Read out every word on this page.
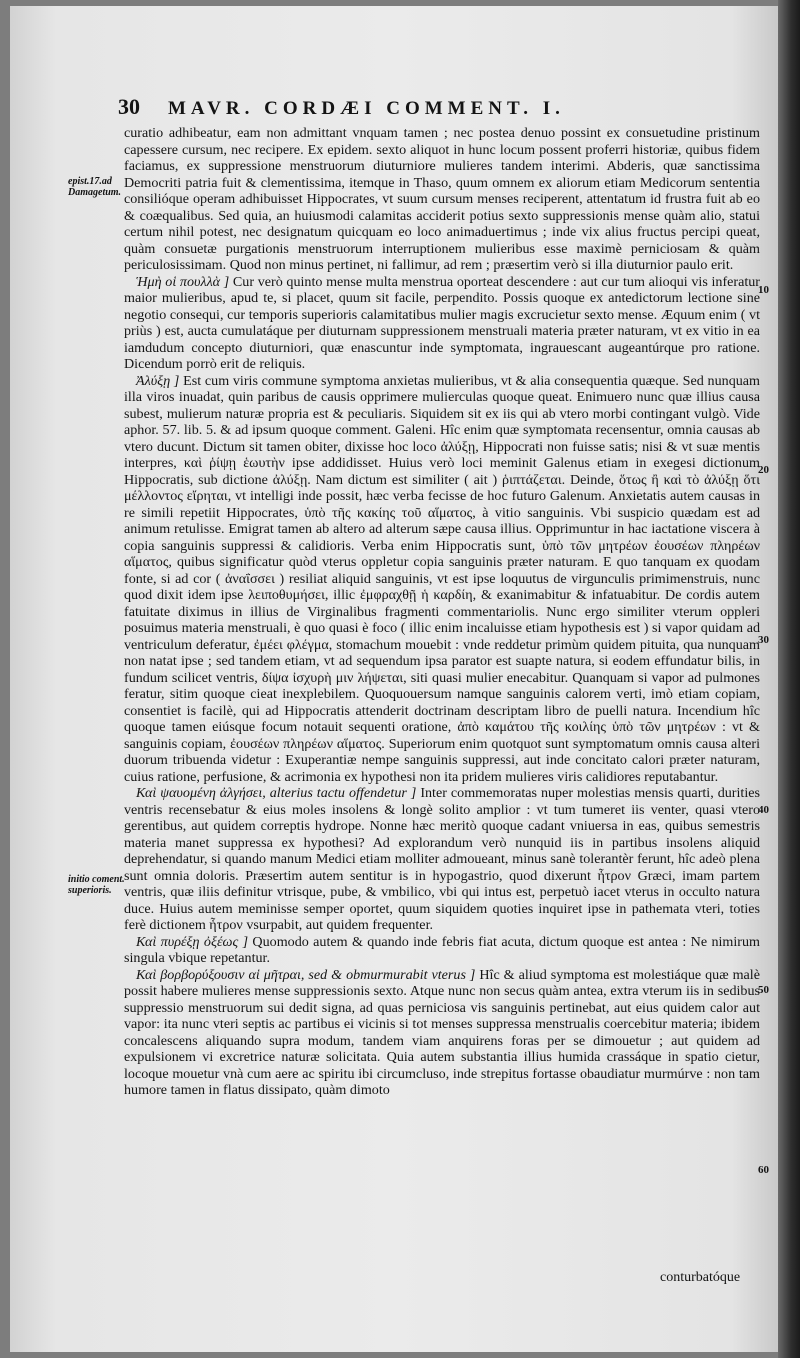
30 MAVR. CORDÆI COMMENT. I.
epist.17.ad Damagetum.
initio coment. superioris.
10
20
30
40
50
60

curatio adhibeatur, eam non admittant vnquam tamen ; nec postea denuo possint ex consuetudine pristinum capessere cursum, nec recipere. Ex epidem. sexto aliquot in hunc locum possent proferri historiæ, quibus fidem faciamus, ex suppressione menstruorum diuturniore mulieres tandem interimi. Abderis, quæ sanctissima Democriti patria fuit & clementissima, itemque in Thaso, quum omnem ex aliorum etiam Medicorum sententia consilióque operam adhibuisset Hippocrates, vt suum cursum menses reciperent, attentatum id frustra fuit ab eo & coæqualibus. Sed quia, an huiusmodi calamitas acciderit potius sexto suppressionis mense quàm alio, statui certum nihil potest, nec designatum quicquam eo loco animaduertimus ; inde vix alius fructus percipi queat, quàm consuetæ purgationis menstruorum interruptionem mulieribus esse maximè perniciosam & quàm periculosissimam. Quod non minus pertinet, ni fallimur, ad rem ; præsertim verò si illa diuturnior paulo erit.

Ἡμὴ οἱ πουλλὰ ] Cur verò quinto mense multa menstrua oporteat descendere : aut cur tum alioqui vis inferatur maior mulieribus, apud te, si placet, quum sit facile, perpendito. Possis quoque ex antedictorum lectione sine negotio consequi, cur temporis superioris calamitatibus mulier magis excrucietur sexto mense. Æquum enim ( vt priùs ) est, aucta cumulatáque per diuturnam suppressionem menstruali materia præter naturam, vt ex vitio in ea iamdudum concepto diuturniori, quæ enascuntur inde symptomata, ingrauescant augeantúrque pro ratione. Dicendum porrò erit de reliquis.

Ἀλύξῃ ] Est cum viris commune symptoma anxietas mulieribus, vt & alia consequentia quæque. Sed nunquam illa viros inuadat, quin paribus de causis opprimere mulierculas quoque queat. Enimuero nunc quæ illius causa subest, mulierum naturæ propria est & peculiaris. Siquidem sit ex iis qui ab vtero morbi contingant vulgò. Vide aphor. 57. lib. 5. & ad ipsum quoque comment. Galeni. Hîc enim quæ symptomata recensentur, omnia causas ab vtero ducunt. Dictum sit tamen obiter, dixisse hoc loco ἀλύξῃ, Hippocrati non fuisse satis; nisi & vt suæ mentis interpres, καὶ ῥίψῃ ἑωυτὴν ipse addidisset. Huius verò loci meminit Galenus etiam in exegesi dictionum Hippocratis, sub dictione ἀλύξῃ. Nam dictum est similiter ( ait ) ῥιπτάζεται. Deinde, ὅτως ἢ καὶ τὸ ἀλύξῃ ὅτι μέλλοντος εἴρηται, vt intelligi inde possit, hæc verba fecisse de hoc futuro Galenum. Anxietatis autem causas in re simili repetiit Hippocrates, ὑπὸ τῆς κακίης τοῦ αἵματος, à vitio sanguinis. Vbi suspicio quædam est ad animum retulisse. Emigrat tamen ab altero ad alterum sæpe causa illius. Opprimuntur in hac iactatione viscera à copia sanguinis suppressi & calidioris. Verba enim Hippocratis sunt, ὑπὸ τῶν μητρέων ἐουσέων πληρέων αἵματος, quibus significatur quòd vterus oppletur copia sanguinis præter naturam. E quo tanquam ex quodam fonte, si ad cor ( ἀναΐσσει ) resiliat aliquid sanguinis, vt est ipse loquutus de virgunculis primimenstruis, nunc quod dixit idem ipse λειποθυμήσει, illic ἐμφραχθῇ ἡ καρδίη, & exanimabitur & infatuabitur. De cordis autem fatuitate diximus in illius de Virginalibus fragmenti commentariolis. Nunc ergo similiter vterum oppleri posuimus materia menstruali, è quo quasi è foco ( illic enim incaluisse etiam hypothesis est ) si vapor quidam ad ventriculum deferatur, ἐμέει φλέγμα, stomachum mouebit : vnde reddetur primùm quidem pituita, qua nunquam non natat ipse ; sed tandem etiam, vt ad sequendum ipsa parator est suapte natura, si eodem effundatur bilis, in fundum scilicet ventris, δίψα ἰσχυρὴ μιν λήψεται, siti quasi mulier enecabitur. Quanquam si vapor ad pulmones feratur, sitim quoque cieat inexplebilem. Quoquouersum namque sanguinis calorem verti, imò etiam copiam, consentiet is facilè, qui ad Hippocratis attenderit doctrinam descriptam libro de puelli natura. Incendium hîc quoque tamen eiúsque focum notauit sequenti oratione, ἀπὸ καμάτου τῆς κοιλίης ὑπὸ τῶν μητρέων : vt & sanguinis copiam, ἐουσέων πληρέων αἵματος. Superiorum enim quotquot sunt symptomatum omnis causa alteri duorum tribuenda videtur : Exuperantiæ nempe sanguinis suppressi, aut inde concitato calori præter naturam, cuius ratione, perfusione, & acrimonia ex hypothesi non ita pridem mulieres viris calidiores reputabantur.

Καὶ ψαυομένη ἀλγήσει, alterius tactu offendetur ] Inter commemoratas nuper molestias mensis quarti, durities ventris recensebatur & eius moles insolens & longè solito amplior : vt tum tumeret iis venter, quasi vtero gerentibus, aut quidem correptis hydrope. Nonne hæc meritò quoque cadant vniuersa in eas, quibus semestris materia manet suppressa ex hypothesi? Ad explorandum verò nunquid iis in partibus insolens aliquid deprehendatur, si quando manum Medici etiam molliter admoueant, minus sanè tolerantèr ferunt, hîc adeò plena sunt omnia doloris. Præsertim autem sentitur is in hypogastrio, quod dixerunt ἦτρον Græci, imam partem ventris, quæ iliis definitur vtrisque, pube, & vmbilico, vbi qui intus est, perpetuò iacet vterus in occulto natura duce. Huius autem meminisse semper oportet, quum siquidem quoties inquiret ipse in pathemata vteri, toties ferè dictionem ἦτρον vsurpabit, aut quidem frequenter.

Καὶ πυρέξῃ ὀξέως ] Quomodo autem & quando inde febris fiat acuta, dictum quoque est antea : Ne nimirum singula vbique repetantur.

Καὶ βορβορύξουσιν αἱ μῆτραι, sed & obmurmurabit vterus ] Hîc & aliud symptoma est molestiáque quæ malè possit habere mulieres mense suppressionis sexto. Atque nunc non secus quàm antea, extra vterum iis in sedibus suppressio menstruorum sui dedit signa, ad quas perniciosa vis sanguinis pertinebat, aut eius quidem calor aut vapor: ita nunc vteri septis ac partibus ei vicinis si tot menses suppressa menstrualis coercebitur materia; ibidem concalescens aliquando supra modum, tandem viam anquirens foras per se dimouetur ; aut quidem ad expulsionem vi excretrice naturæ solicitata. Quia autem substantia illius humida crassáque in spatio cietur, locoque mouetur vnà cum aere ac spiritu ibi circumcluso, inde strepitus fortasse obaudiatur murmúrve : non tam humore tamen in flatus dissipato, quàm dimoto

conturbatóque
